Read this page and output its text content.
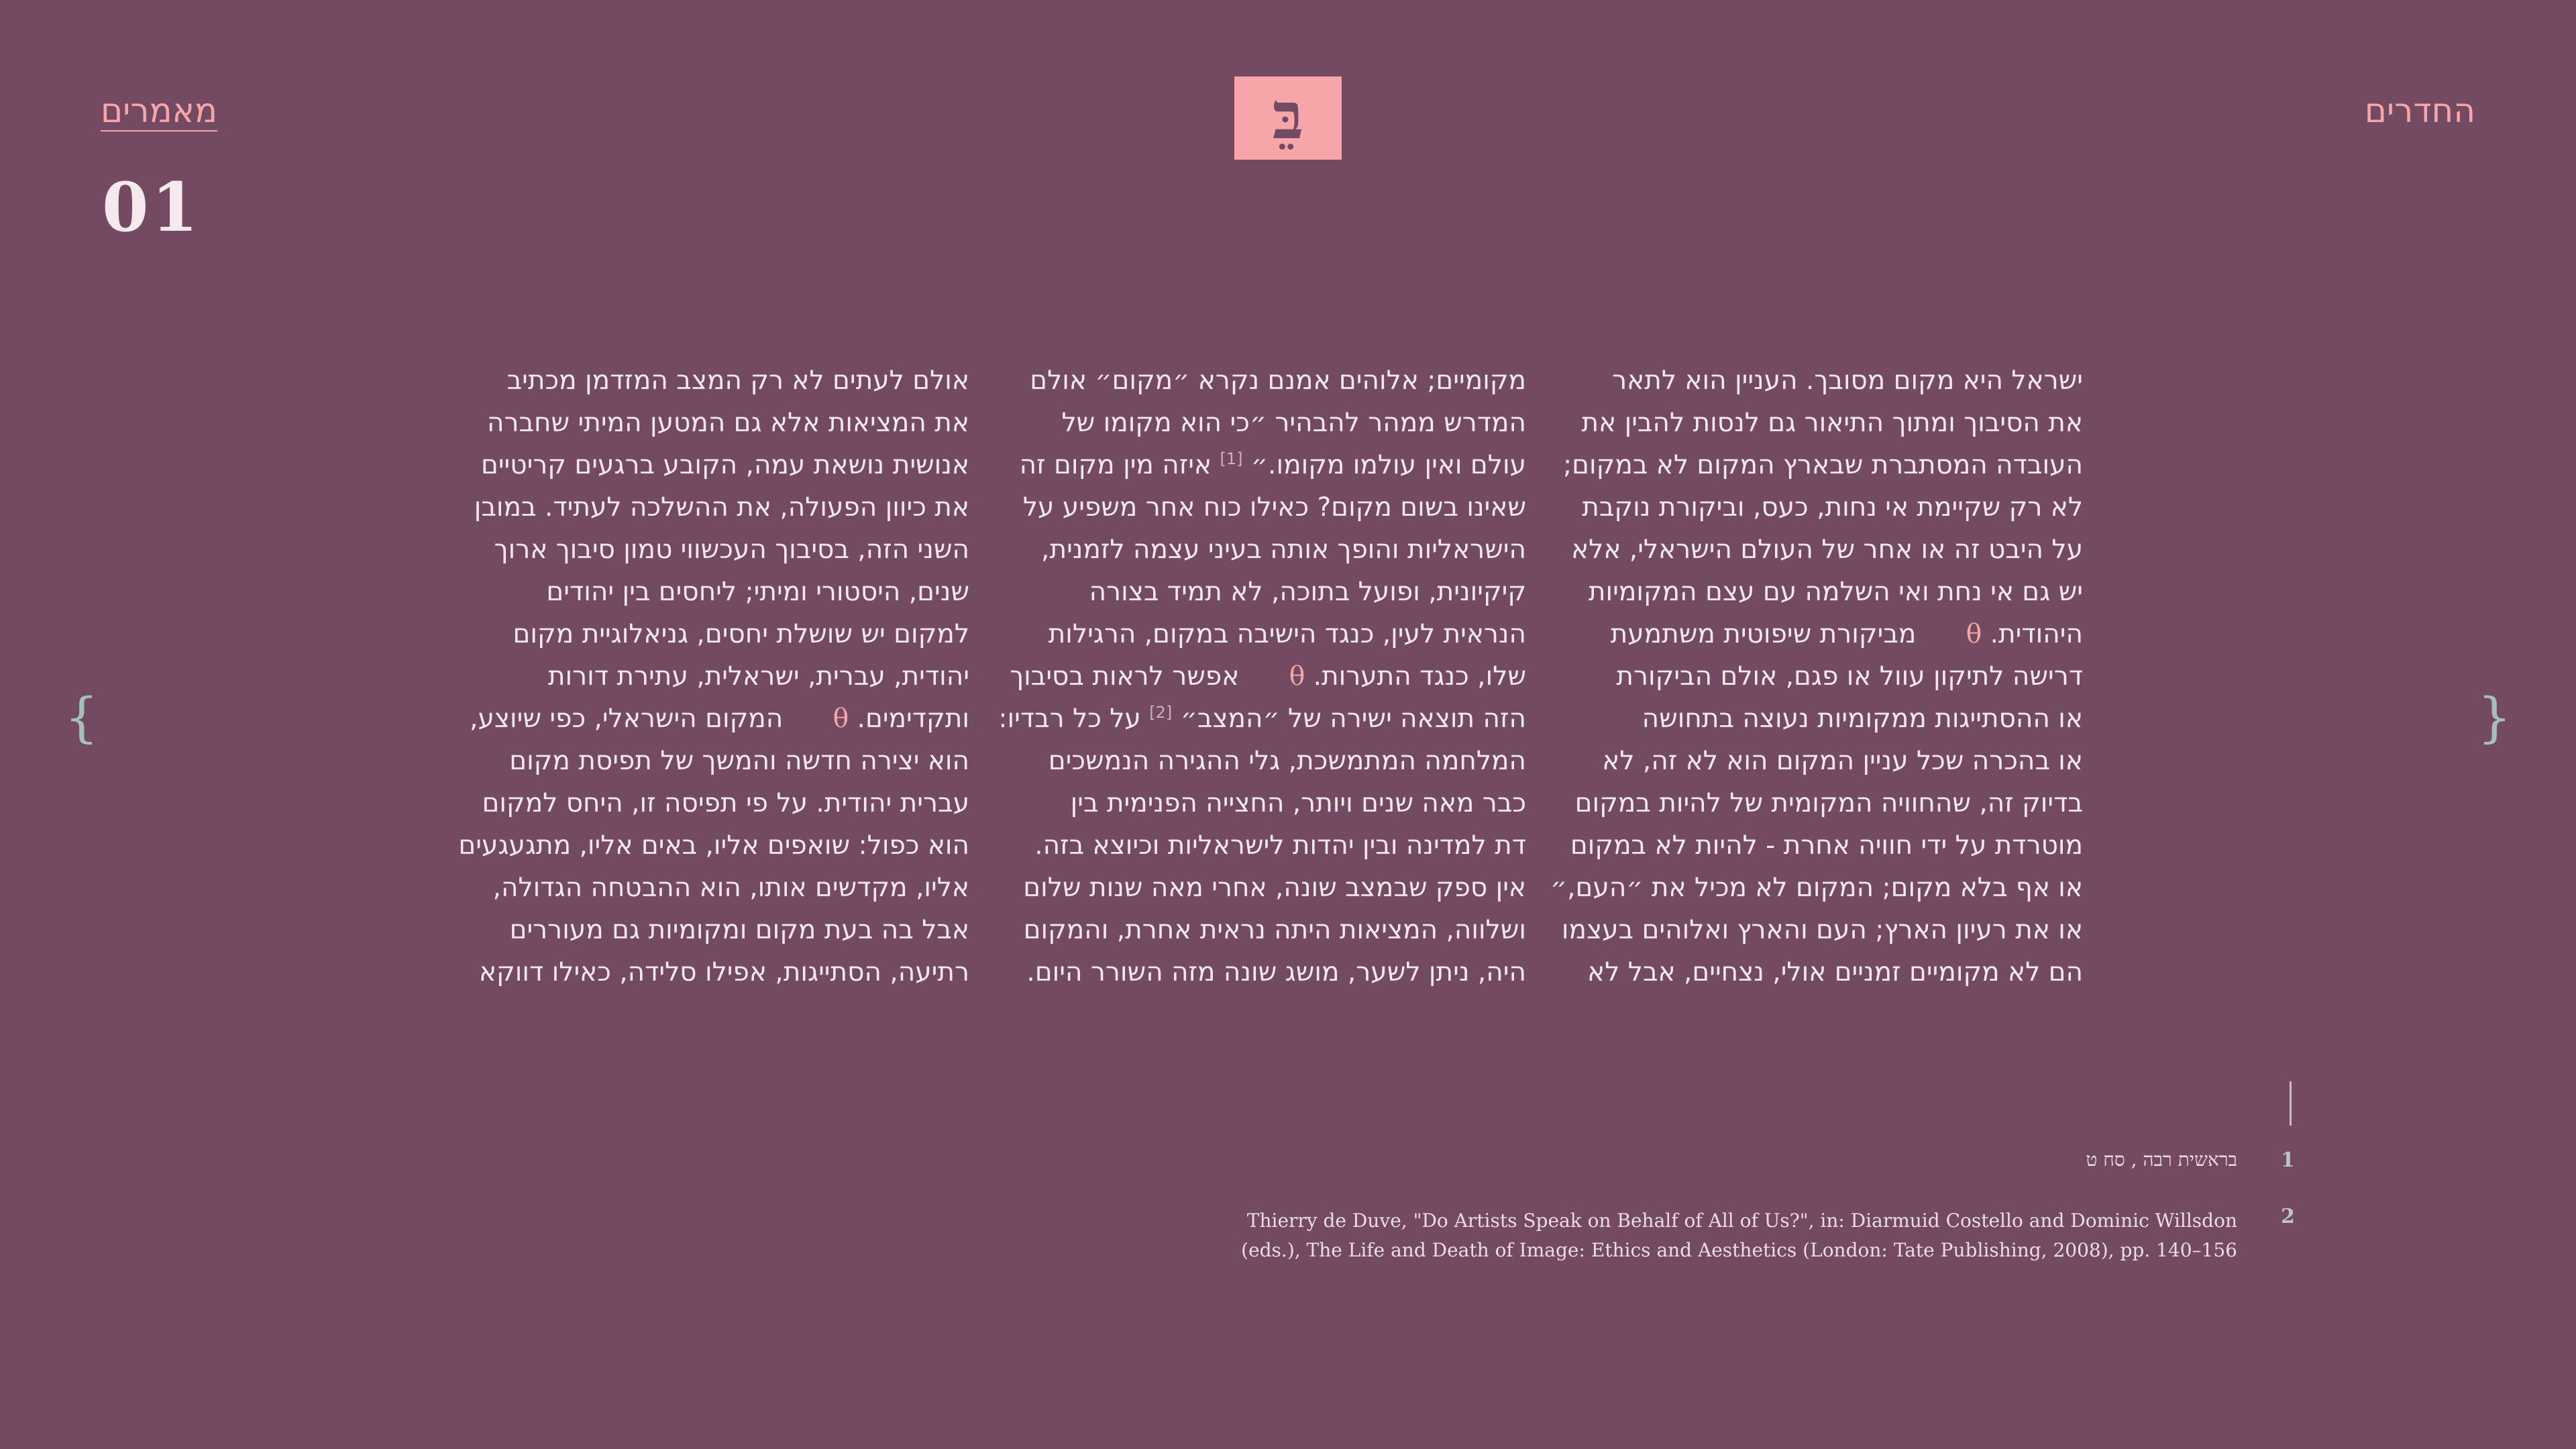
מאמרים
01
בֵּ	החדרים
{	}
ישראל היא מקום מסובך. העניין הוא לתאר
את הסיבוך ומתוך התיאור גם לנסות להבין את
העובדה המסתברת שבארץ המקום לא במקום;
לא רק שקיימת אי נחות, כעס, וביקורת נוקבת
על היבט זה או אחר של העולם הישראלי, אלא
יש גם אי נחת ואי השלמה עם עצם המקומיות
היהודית. θ      מביקורת שיפוטית משתמעת
דרישה לתיקון עוול או פגם, אולם הביקורת
או ההסתייגות ממקומיות נעוצה בתחושה
או בהכרה שכל עניין המקום הוא לא זה, לא
בדיוק זה, שהחוויה המקומית של להיות במקום
מוטרדת על ידי חוויה אחרת - להיות לא במקום
או אף בלא מקום; המקום לא מכיל את ״העם,״
או את רעיון הארץ; העם והארץ ואלוהים בעצמו
הם לא מקומיים זמניים אולי, נצחיים, אבל לא
מקומיים; אלוהים אמנם נקרא ״מקום״ אולם
המדרש ממהר להבהיר ״כי הוא מקומו של
עולם ואין עולמו מקומו.״ [1] איזה מין מקום זה
שאינו בשום מקום? כאילו כוח אחר משפיע על
הישראליות והופך אותה בעיני עצמה לזמנית,
קיקיונית, ופועל בתוכה, לא תמיד בצורה
הנראית לעין, כנגד הישיבה במקום, הרגילות
שלו, כנגד התערות. θ      אפשר לראות בסיבוך
הזה תוצאה ישירה של ״המצב״ [2] על כל רבדיו:
המלחמה המתמשכת, גלי ההגירה הנמשכים
כבר מאה שנים ויותר, החצייה הפנימית בין
דת למדינה ובין יהדות לישראליות וכיוצא בזה.
אין ספק שבמצב שונה, אחרי מאה שנות שלום
ושלווה, המציאות היתה נראית אחרת, והמקום
היה, ניתן לשער, מושג שונה מזה השורר היום.
אולם לעתים לא רק המצב המזדמן מכתיב
את המציאות אלא גם המטען המיתי שחברה
אנושית נושאת עמה, הקובע ברגעים קריטיים
את כיוון הפעולה, את ההשלכה לעתיד. במובן
השני הזה, בסיבוך העכשווי טמון סיבוך ארוך
שנים, היסטורי ומיתי; ליחסים בין יהודים
למקום יש שושלת יחסים, גניאלוגיית מקום
יהודית, עברית, ישראלית, עתירת דורות
ותקדימים. θ      המקום הישראלי, כפי שיוצע,
הוא יצירה חדשה והמשך של תפיסת מקום
עברית יהודית. על פי תפיסה זו, היחס למקום
הוא כפול: שואפים אליו, באים אליו, מתגעגעים
אליו, מקדשים אותו, הוא ההבטחה הגדולה,
אבל בה בעת מקום ומקומיות גם מעוררים
רתיעה, הסתייגות, אפילו סלידה, כאילו דווקא
1
בראשית רבה , סח ט
2
Thierry de Duve, "Do Artists Speak on Behalf of All of Us?", in: Diarmuid Costello and Dominic Willsdon
(eds.), The Life and Death of Image: Ethics and Aesthetics (London: Tate Publishing, 2008), pp. 140–156
